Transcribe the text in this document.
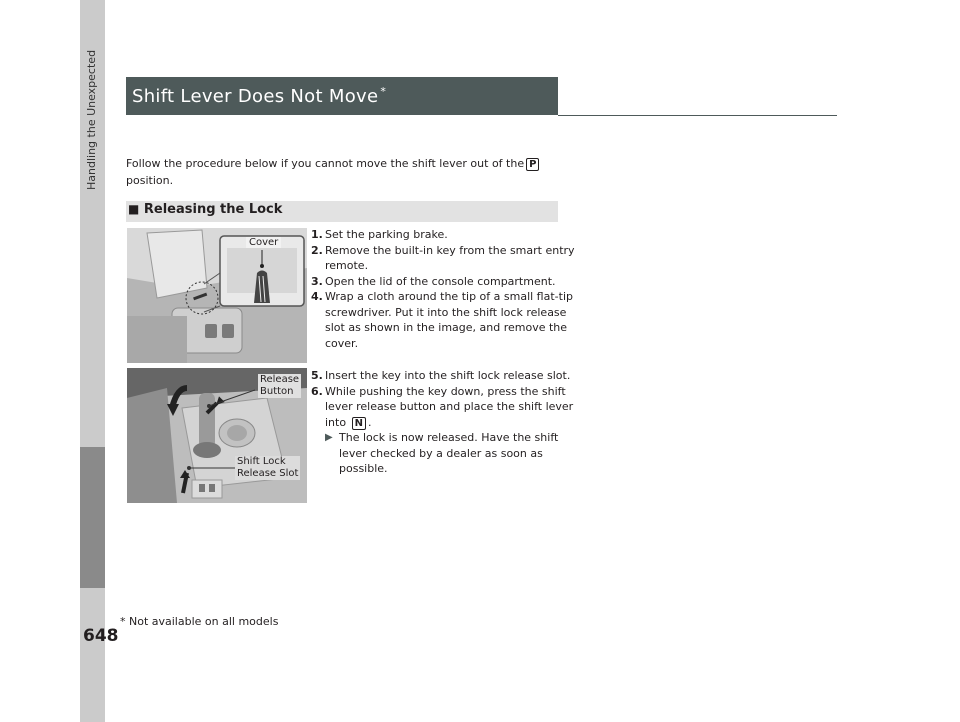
Handling the Unexpected
648
* Not available on all models
Shift Lever Does Not Move *
Follow the procedure below if you cannot move the shift lever out of the P
position.
■ Releasing the Lock
Cover
1. Set the parking brake.
2. Remove the built-in key from the smart entry remote.
3. Open the lid of the console compartment.
4. Wrap a cloth around the tip of a small flat-tip screwdriver. Put it into the shift lock release slot as shown in the image, and remove the cover.
Release
Button
Shift Lock
Release Slot
5. Insert the key into the shift lock release slot.
6. While pushing the key down, press the shift lever release button and place the shift lever into N .
▶ The lock is now released. Have the shift lever checked by a dealer as soon as possible.
